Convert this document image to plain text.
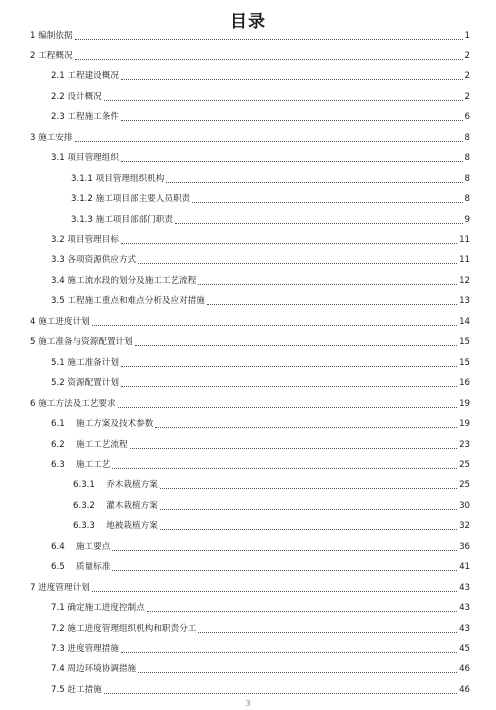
目录
1 编制依据	1
2 工程概况	2
2.1 工程建设概况	2
2.2 设计概况	2
2.3 工程施工条件	6
3 施工安排	8
3.1 项目管理组织	8
3.1.1 项目管理组织机构	8
3.1.2 施工项目部主要人员职责	8
3.1.3 施工项目部部门职责	9
3.2 项目管理目标	11
3.3 各项资源供应方式	11
3.4 施工流水段的划分及施工工艺流程	12
3.5 工程施工重点和难点分析及应对措施	13
4 施工进度计划	14
5 施工准备与资源配置计划	15
5.1 施工准备计划	15
5.2 资源配置计划	16
6 施工方法及工艺要求	19
6.1　 施工方案及技术参数	19
6.2　 施工工艺流程	23
6.3　 施工工艺	25
6.3.1　 乔木栽植方案	25
6.3.2　 灌木栽植方案	30
6.3.3　 地被栽植方案	32
6.4　 施工要点	36
6.5　 质量标准	41
7 进度管理计划	43
7.1 确定施工进度控制点	43
7.2 施工进度管理组织机构和职责分工	43
7.3 进度管理措施	45
7.4 周边环境协调措施	46
7.5 赶工措施	46
3
